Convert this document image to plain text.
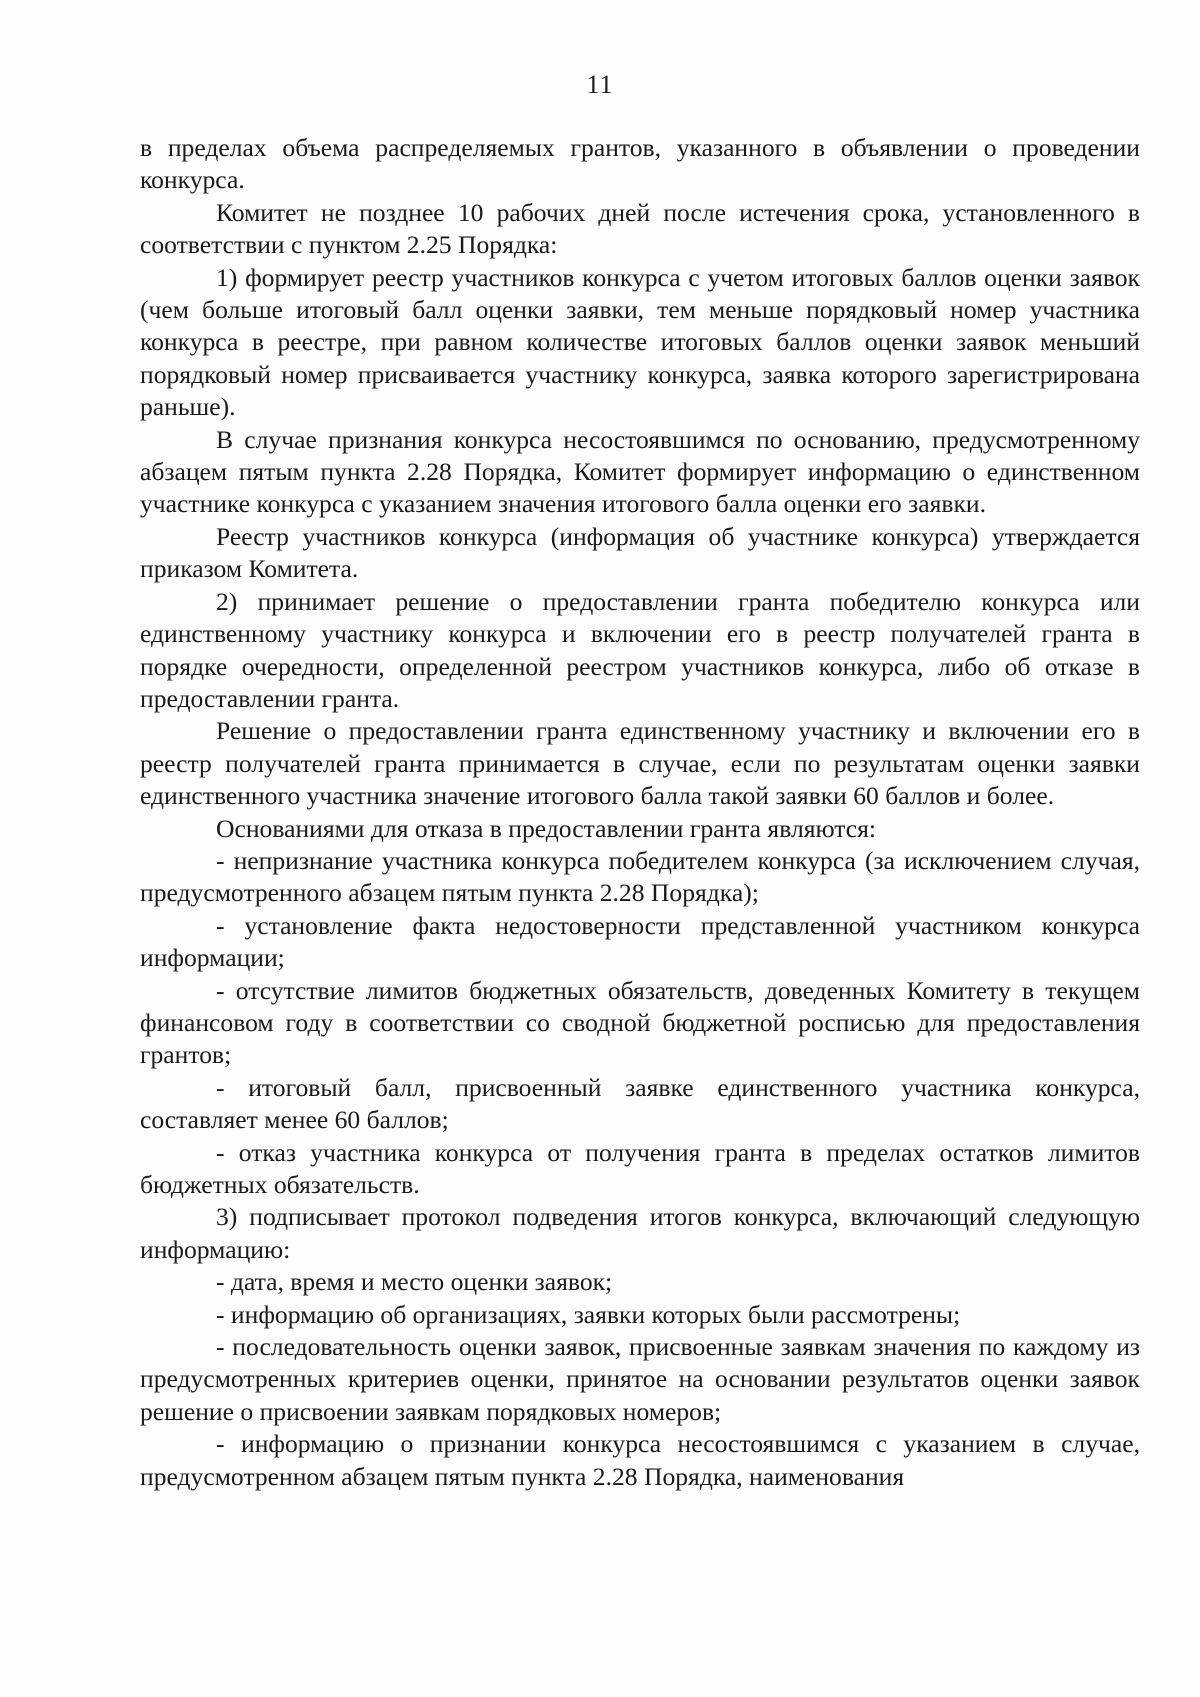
11

в пределах объема распределяемых грантов, указанного в объявлении о проведении конкурса.

Комитет не позднее 10 рабочих дней после истечения срока, установленного в соответствии с пунктом 2.25 Порядка:

1) формирует реестр участников конкурса с учетом итоговых баллов оценки заявок (чем больше итоговый балл оценки заявки, тем меньше порядковый номер участника конкурса в реестре, при равном количестве итоговых баллов оценки заявок меньший порядковый номер присваивается участнику конкурса, заявка которого зарегистрирована раньше).

В случае признания конкурса несостоявшимся по основанию, предусмотренному абзацем пятым пункта 2.28 Порядка, Комитет формирует информацию о единственном участнике конкурса с указанием значения итогового балла оценки его заявки.

Реестр участников конкурса (информация об участнике конкурса) утверждается приказом Комитета.

2) принимает решение о предоставлении гранта победителю конкурса или единственному участнику конкурса и включении его в реестр получателей гранта в порядке очередности, определенной реестром участников конкурса, либо об отказе в предоставлении гранта.

Решение о предоставлении гранта единственному участнику и включении его в реестр получателей гранта принимается в случае, если по результатам оценки заявки единственного участника значение итогового балла такой заявки 60 баллов и более.

Основаниями для отказа в предоставлении гранта являются:

- непризнание участника конкурса победителем конкурса (за исключением случая, предусмотренного абзацем пятым пункта 2.28 Порядка);

- установление факта недостоверности представленной участником конкурса информации;

- отсутствие лимитов бюджетных обязательств, доведенных Комитету в текущем финансовом году в соответствии со сводной бюджетной росписью для предоставления грантов;

- итоговый балл, присвоенный заявке единственного участника конкурса, составляет менее 60 баллов;

- отказ участника конкурса от получения гранта в пределах остатков лимитов бюджетных обязательств.

3) подписывает протокол подведения итогов конкурса, включающий следующую информацию:

- дата, время и место оценки заявок;

- информацию об организациях, заявки которых были рассмотрены;

- последовательность оценки заявок, присвоенные заявкам значения по каждому из предусмотренных критериев оценки, принятое на основании результатов оценки заявок решение о присвоении заявкам порядковых номеров;

- информацию о признании конкурса несостоявшимся с указанием в случае, предусмотренном абзацем пятым пункта 2.28 Порядка, наименования
